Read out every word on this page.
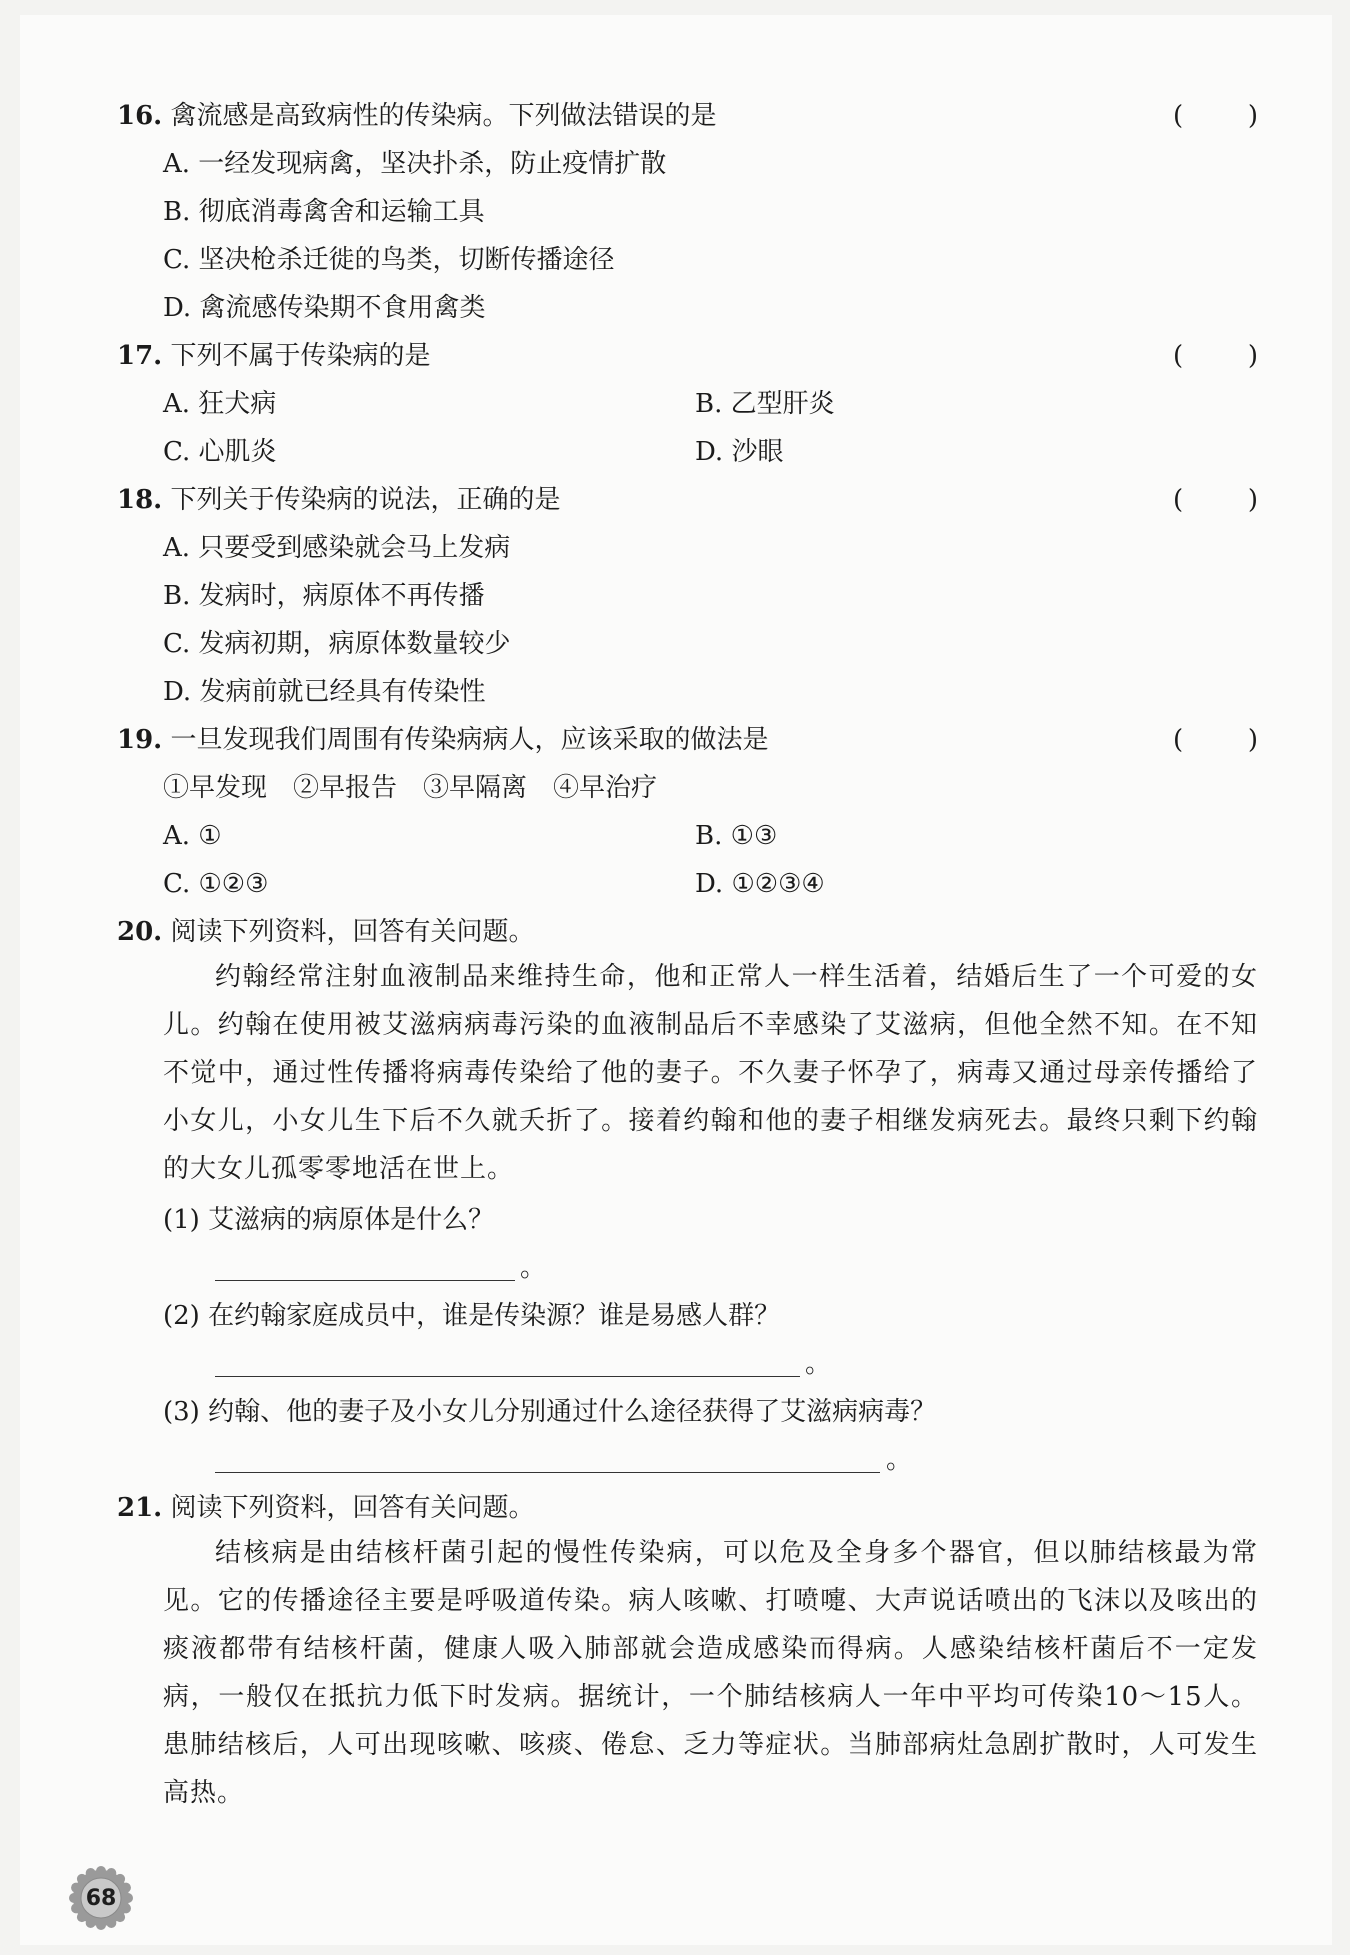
16. 禽流感是高致病性的传染病。下列做法错误的是	( )
A. 一经发现病禽，坚决扑杀，防止疫情扩散
B. 彻底消毒禽舍和运输工具
C. 坚决枪杀迁徙的鸟类，切断传播途径
D. 禽流感传染期不食用禽类
17. 下列不属于传染病的是	( )
A. 狂犬病	B. 乙型肝炎
C. 心肌炎	D. 沙眼
18. 下列关于传染病的说法，正确的是	( )
A. 只要受到感染就会马上发病
B. 发病时，病原体不再传播
C. 发病初期，病原体数量较少
D. 发病前就已经具有传染性
19. 一旦发现我们周围有传染病病人，应该采取的做法是	( )
①早发现　②早报告　③早隔离　④早治疗
A. ①	B. ①③
C. ①②③	D. ①②③④
20. 阅读下列资料，回答有关问题。
约翰经常注射血液制品来维持生命，他和正常人一样生活着，结婚后生了一个可爱的女儿。约翰在使用被艾滋病病毒污染的血液制品后不幸感染了艾滋病，但他全然不知。在不知不觉中，通过性传播将病毒传染给了他的妻子。不久妻子怀孕了，病毒又通过母亲传播给了小女儿，小女儿生下后不久就夭折了。接着约翰和他的妻子相继发病死去。最终只剩下约翰的大女儿孤零零地活在世上。
(1) 艾滋病的病原体是什么？
。
(2) 在约翰家庭成员中，谁是传染源？谁是易感人群？
。
(3) 约翰、他的妻子及小女儿分别通过什么途径获得了艾滋病病毒？
。
21. 阅读下列资料，回答有关问题。
结核病是由结核杆菌引起的慢性传染病，可以危及全身多个器官，但以肺结核最为常见。它的传播途径主要是呼吸道传染。病人咳嗽、打喷嚏、大声说话喷出的飞沫以及咳出的痰液都带有结核杆菌，健康人吸入肺部就会造成感染而得病。人感染结核杆菌后不一定发病，一般仅在抵抗力低下时发病。据统计，一个肺结核病人一年中平均可传染10～15人。患肺结核后，人可出现咳嗽、咳痰、倦怠、乏力等症状。当肺部病灶急剧扩散时，人可发生高热。
68
